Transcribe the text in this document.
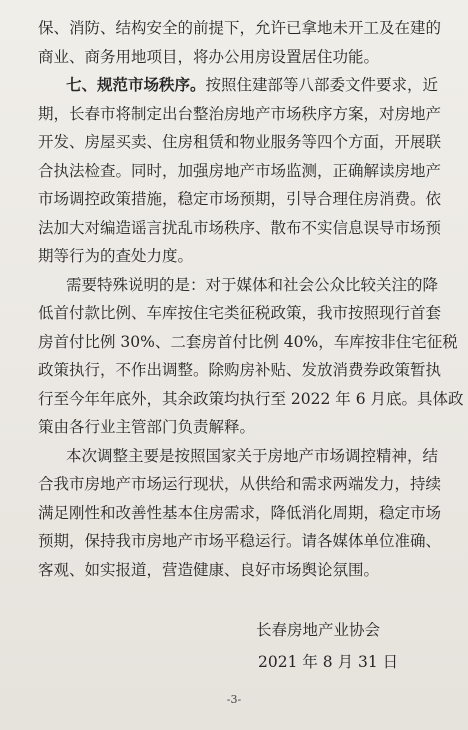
保、消防、结构安全的前提下，允许已拿地未开工及在建的
商业、商务用地项目，将办公用房设置居住功能。
七、规范市场秩序。按照住建部等八部委文件要求，近
期，长春市将制定出台整治房地产市场秩序方案，对房地产
开发、房屋买卖、住房租赁和物业服务等四个方面，开展联
合执法检查。同时，加强房地产市场监测，正确解读房地产
市场调控政策措施，稳定市场预期，引导合理住房消费。依
法加大对编造谣言扰乱市场秩序、散布不实信息误导市场预
期等行为的查处力度。
需要特殊说明的是：对于媒体和社会公众比较关注的降
低首付款比例、车库按住宅类征税政策，我市按照现行首套
房首付比例 30%、二套房首付比例 40%，车库按非住宅征税
政策执行，不作出调整。除购房补贴、发放消费券政策暂执
行至今年年底外，其余政策均执行至 2022 年 6 月底。具体政
策由各行业主管部门负责解释。
本次调整主要是按照国家关于房地产市场调控精神，结
合我市房地产市场运行现状，从供给和需求两端发力，持续
满足刚性和改善性基本住房需求，降低消化周期，稳定市场
预期，保持我市房地产市场平稳运行。请各媒体单位准确、
客观、如实报道，营造健康、良好市场舆论氛围。
长春房地产业协会
2021 年 8 月 31 日
-3-
